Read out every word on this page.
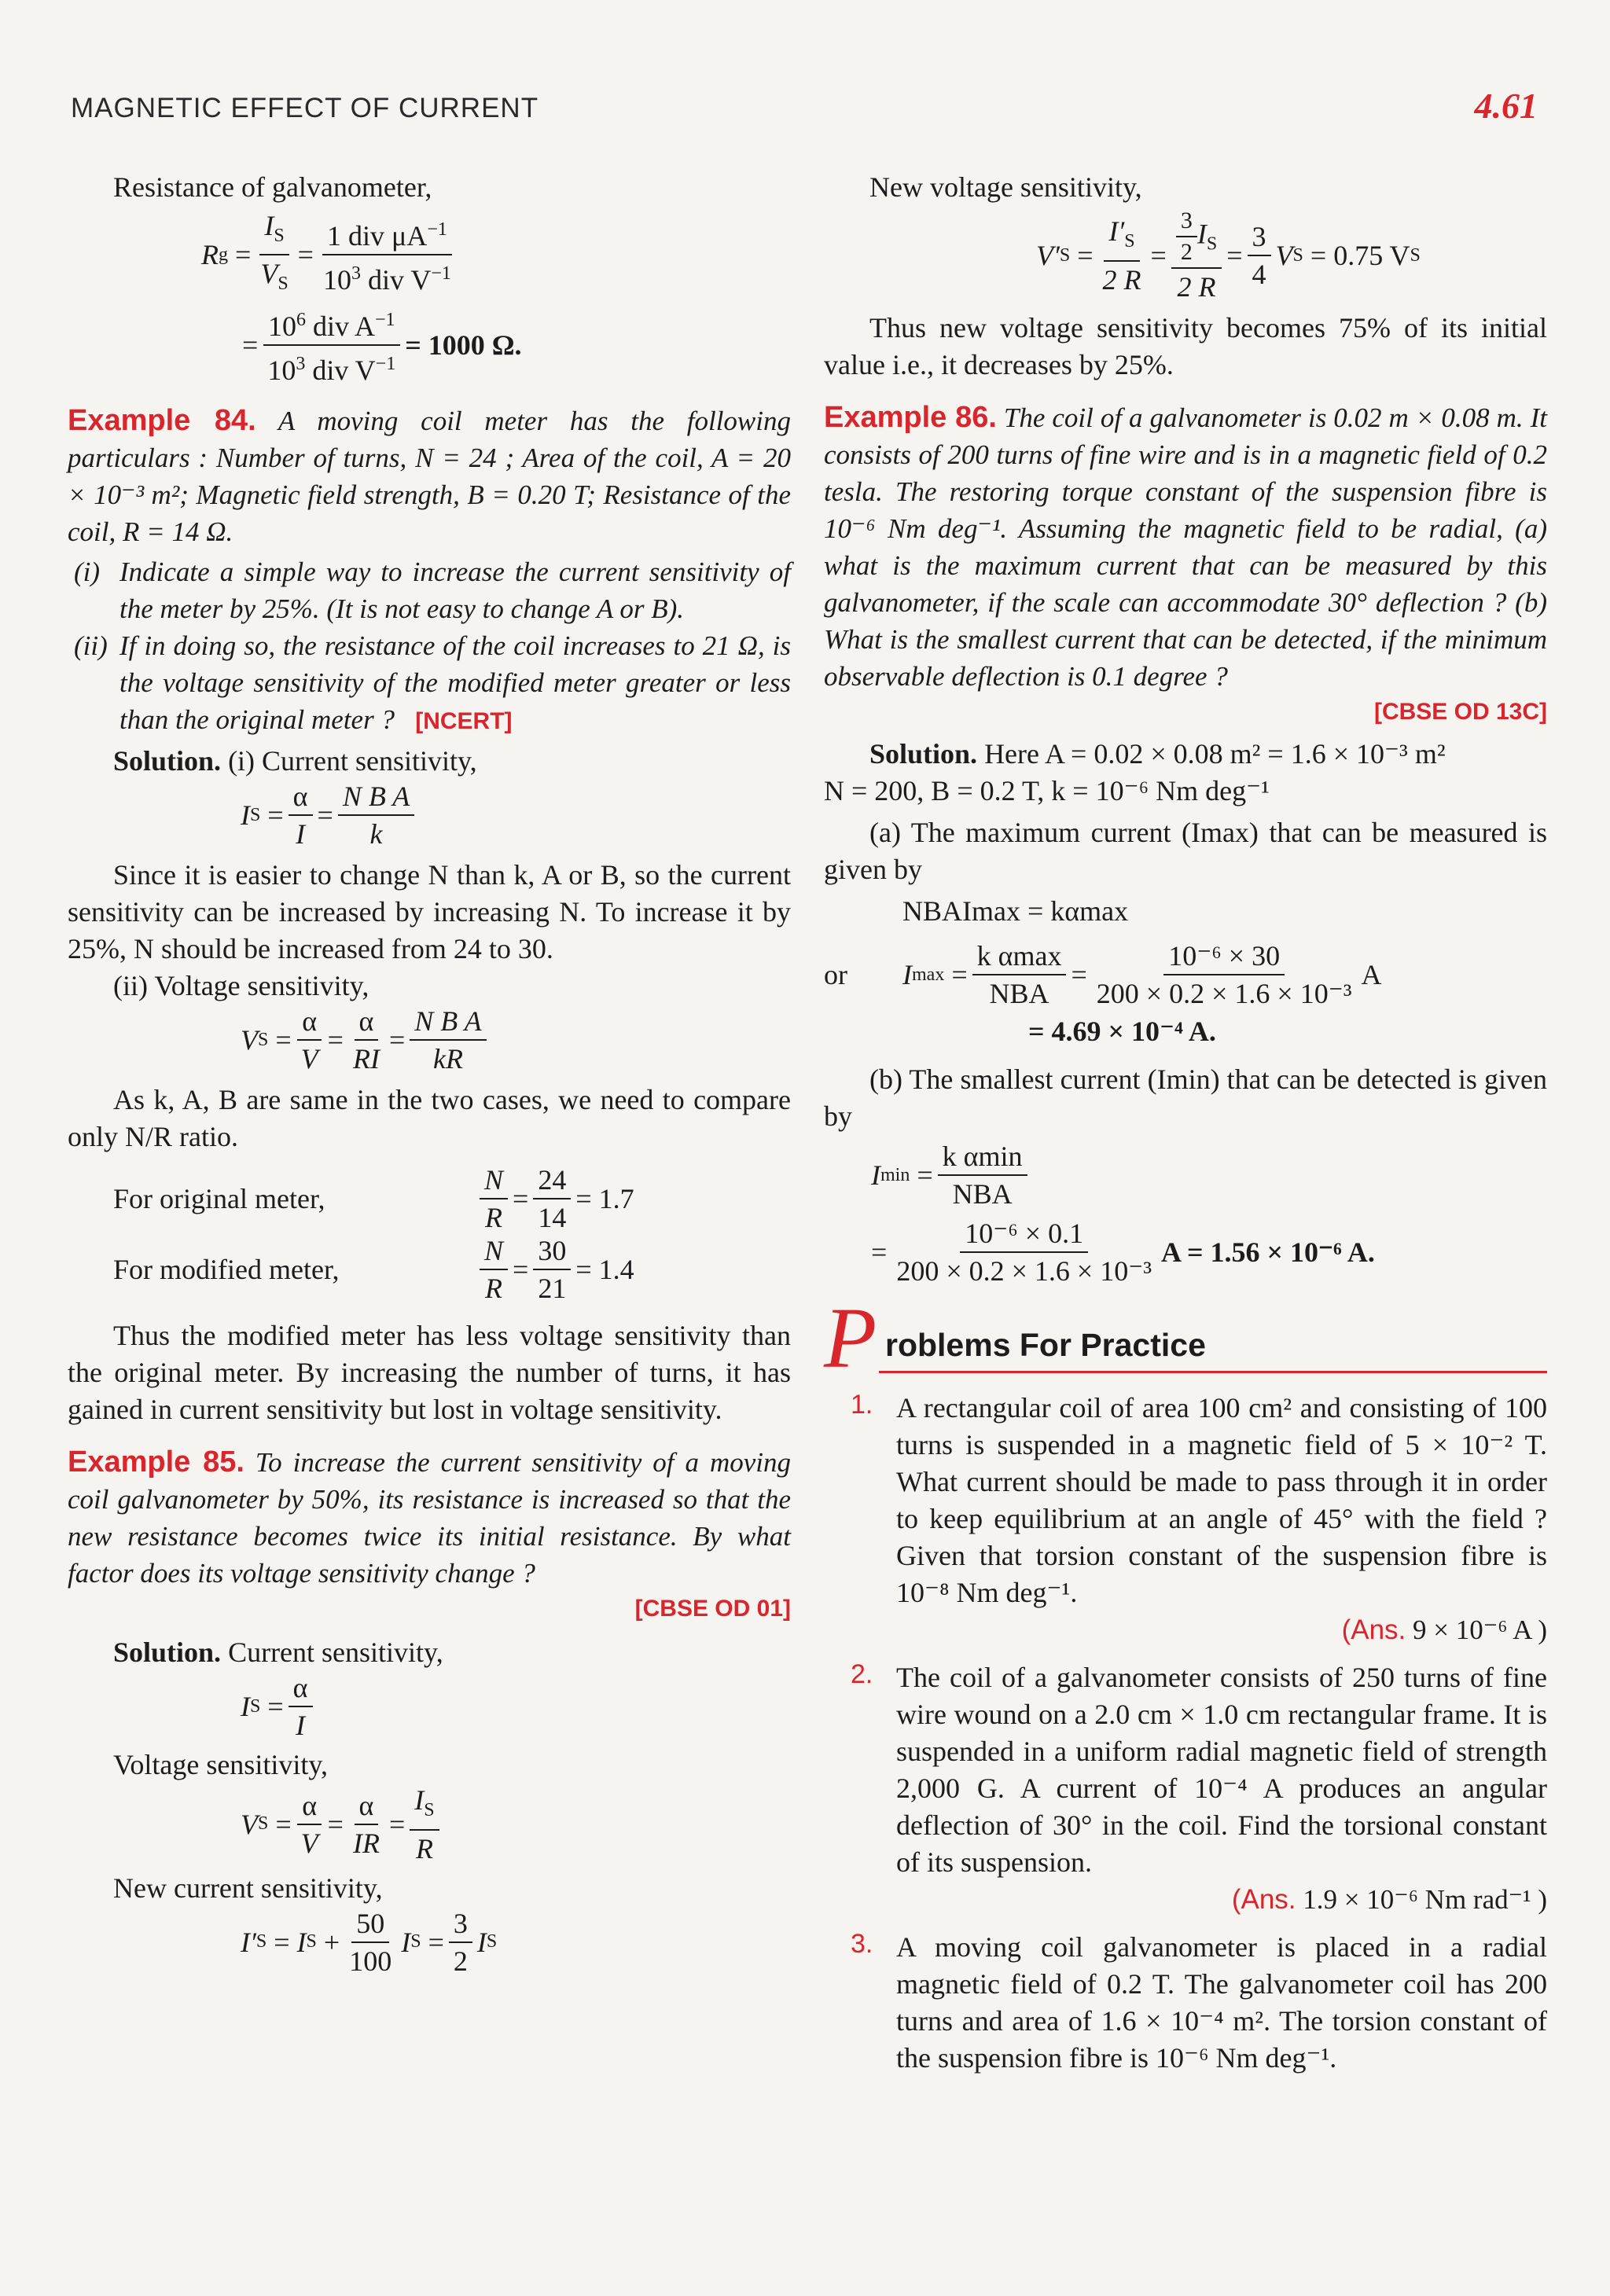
MAGNETIC EFFECT OF CURRENT	4.61

Resistance of galvanometer,

R $g = \frac{I_S}{V_S} = \frac{1 div \mu A^{-1}}{10^3 div V^{-1}}$
= $\frac{10^6 div A^{-1}}{10^3 div V^{-1}} = 1000$ Ω.

Example 84. A moving coil meter has the following particulars : Number of turns, N = 24 ; Area of the coil, A = 20 × 10⁻³ m²; Magnetic field strength, B = 0.20 T; Resistance of the coil, R = 14 Ω.

(i) Indicate a simple way to increase the current sensitivity of the meter by 25%. (It is not easy to change A or B).
(ii) If in doing so, the resistance of the coil increases to 21 Ω, is the voltage sensitivity of the modified meter greater or less than the original meter ? [NCERT]

Solution. (i) Current sensitivity,

I $S = \frac{\alpha}{I} = \frac{\text{N B A}}{k}$

Since it is easier to change N than k, A or B, so the current sensitivity can be increased by increasing N. To increase it by 25%, N should be increased from 24 to 30.

(ii) Voltage sensitivity,

V $S = \frac{\alpha}{V} = \frac{\alpha}{RI} = \frac{\text{N B A}}{kR}$

As k, A, B are same in the two cases, we need to compare only N/R ratio.

For original meter,	$\frac{N}{R} = \frac{24}{14} = 1.7$
For modified meter,	$\frac{N}{R} = \frac{30}{21} = 1.4$

Thus the modified meter has less voltage sensitivity than the original meter. By increasing the number of turns, it has gained in current sensitivity but lost in voltage sensitivity.

Example 85. To increase the current sensitivity of a moving coil galvanometer by 50%, its resistance is increased so that the new resistance becomes twice its initial resistance. By what factor does its voltage sensitivity change ?

[CBSE OD 01]

Solution. Current sensitivity,

I $S = \frac{\alpha}{I}$

Voltage sensitivity,

V $S = \frac{\alpha}{V} = \frac{\alpha}{IR} = \frac{I_S}{R}$

New current sensitivity,

I′ S = I $S + \frac{50}{100}$ I $S = \frac{3}{2}$ I S

New voltage sensitivity,

V′ $S = \frac{I'_S}{2 R} = \frac{\frac{3}{2} I_S}{2 R} = \frac{3}{4}$ V S
= 0.75 V S

Thus new voltage sensitivity becomes 75% of its initial value i.e., it decreases by 25%.

Example 86. The coil of a galvanometer is 0.02 m × 0.08 m. It consists of 200 turns of fine wire and is in a magnetic field of 0.2 tesla. The restoring torque constant of the suspension fibre is 10⁻⁶ Nm deg⁻¹. Assuming the magnetic field to be radial, (a) what is the maximum current that can be measured by this galvanometer, if the scale can accommodate 30° deflection ? (b) What is the smallest current that can be detected, if the minimum observable deflection is 0.1 degree ?

[CBSE OD 13C]

Solution. Here A = 0.02 × 0.08 m² = 1.6 × 10⁻³ m²

N = 200, B = 0.2 T, k = 10⁻⁶ Nm deg⁻¹

(a) The maximum current (Imax) that can be measured is given by

NBAImax = kαmax

or	I $\max = \frac{\text{k αmax}}{\text{NBA}} = \frac{\text{10⁻⁶ × 30}}{\text{200 × 0.2 × 1.6 × 10⁻³}}$ A

= 4.69 × 10⁻⁴ A.

(b) The smallest current (Imin) that can be detected is given by

I $\min = \frac{\text{k αmin}}{\text{NBA}}$
= $\frac{\text{10⁻⁶ × 0.1}}{\text{200 × 0.2 × 1.6 × 10⁻³}}$ A = 1.56 × 10⁻⁶ A.
P roblems For Practice
1. A rectangular coil of area 100 cm² and consisting of 100 turns is suspended in a magnetic field of 5 × 10⁻² T. What current should be made to pass through it in order to keep equilibrium at an angle of 45° with the field ? Given that torsion constant of the suspension fibre is 10⁻⁸ Nm deg⁻¹.

(Ans. 9 × 10⁻⁶ A )

2. The coil of a galvanometer consists of 250 turns of fine wire wound on a 2.0 cm × 1.0 cm rectangular frame. It is suspended in a uniform radial magnetic field of strength 2,000 G. A current of 10⁻⁴ A produces an angular deflection of 30° in the coil. Find the torsional constant of its suspension.

(Ans. 1.9 × 10⁻⁶ Nm rad⁻¹ )

3. A moving coil galvanometer is placed in a radial magnetic field of 0.2 T. The galvanometer coil has 200 turns and area of 1.6 × 10⁻⁴ m². The torsion constant of the suspension fibre is 10⁻⁶ Nm deg⁻¹.
